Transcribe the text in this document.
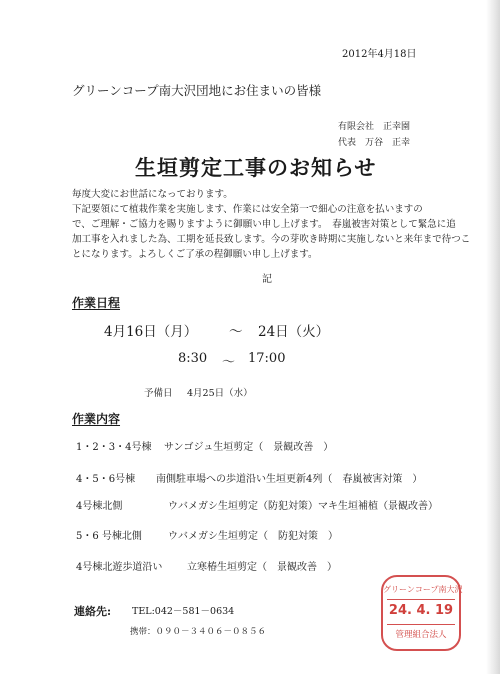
2012年4月18日
グリーンコープ南大沢団地にお住まいの皆様
有限会社　正幸園
代表　万谷　正幸
生垣剪定工事のお知らせ
毎度大変にお世話になっております。
下記要領にて植栽作業を実施します、作業には安全第一で細心の注意を払いますの
で、ご理解・ご協力を賜りますように御願い申し上げます。　春嵐被害対策として緊急に追
加工事を入れました為、工期を延長致します。今の芽吹き時期に実施しないと来年まで待つこ
とになります。よろしくご了承の程御願い申し上げます。
記
作業日程
4月16日（月） ～ 24日（火）
8:30 ～ 17:00
予備日 4月25日（水）
作業内容
1・2・3・4号棟 サンゴジュ生垣剪定（　景観改善　）
4・5・6号棟 南側駐車場への歩道沿い生垣更新4列（　春嵐被害対策　）
4号棟北側	ウバメガシ生垣剪定（防犯対策）マキ生垣補植（景観改善）
5・6 号棟北側	ウバメガシ生垣剪定（　防犯対策　）
4号棟北遊歩道沿い 立寒椿生垣剪定（　景観改善　）
連絡先: TEL:042－581－0634
携帯：０９０－３４０６－０８５６
グリーンコープ南大沢
24. 4. 19
管理組合法人
